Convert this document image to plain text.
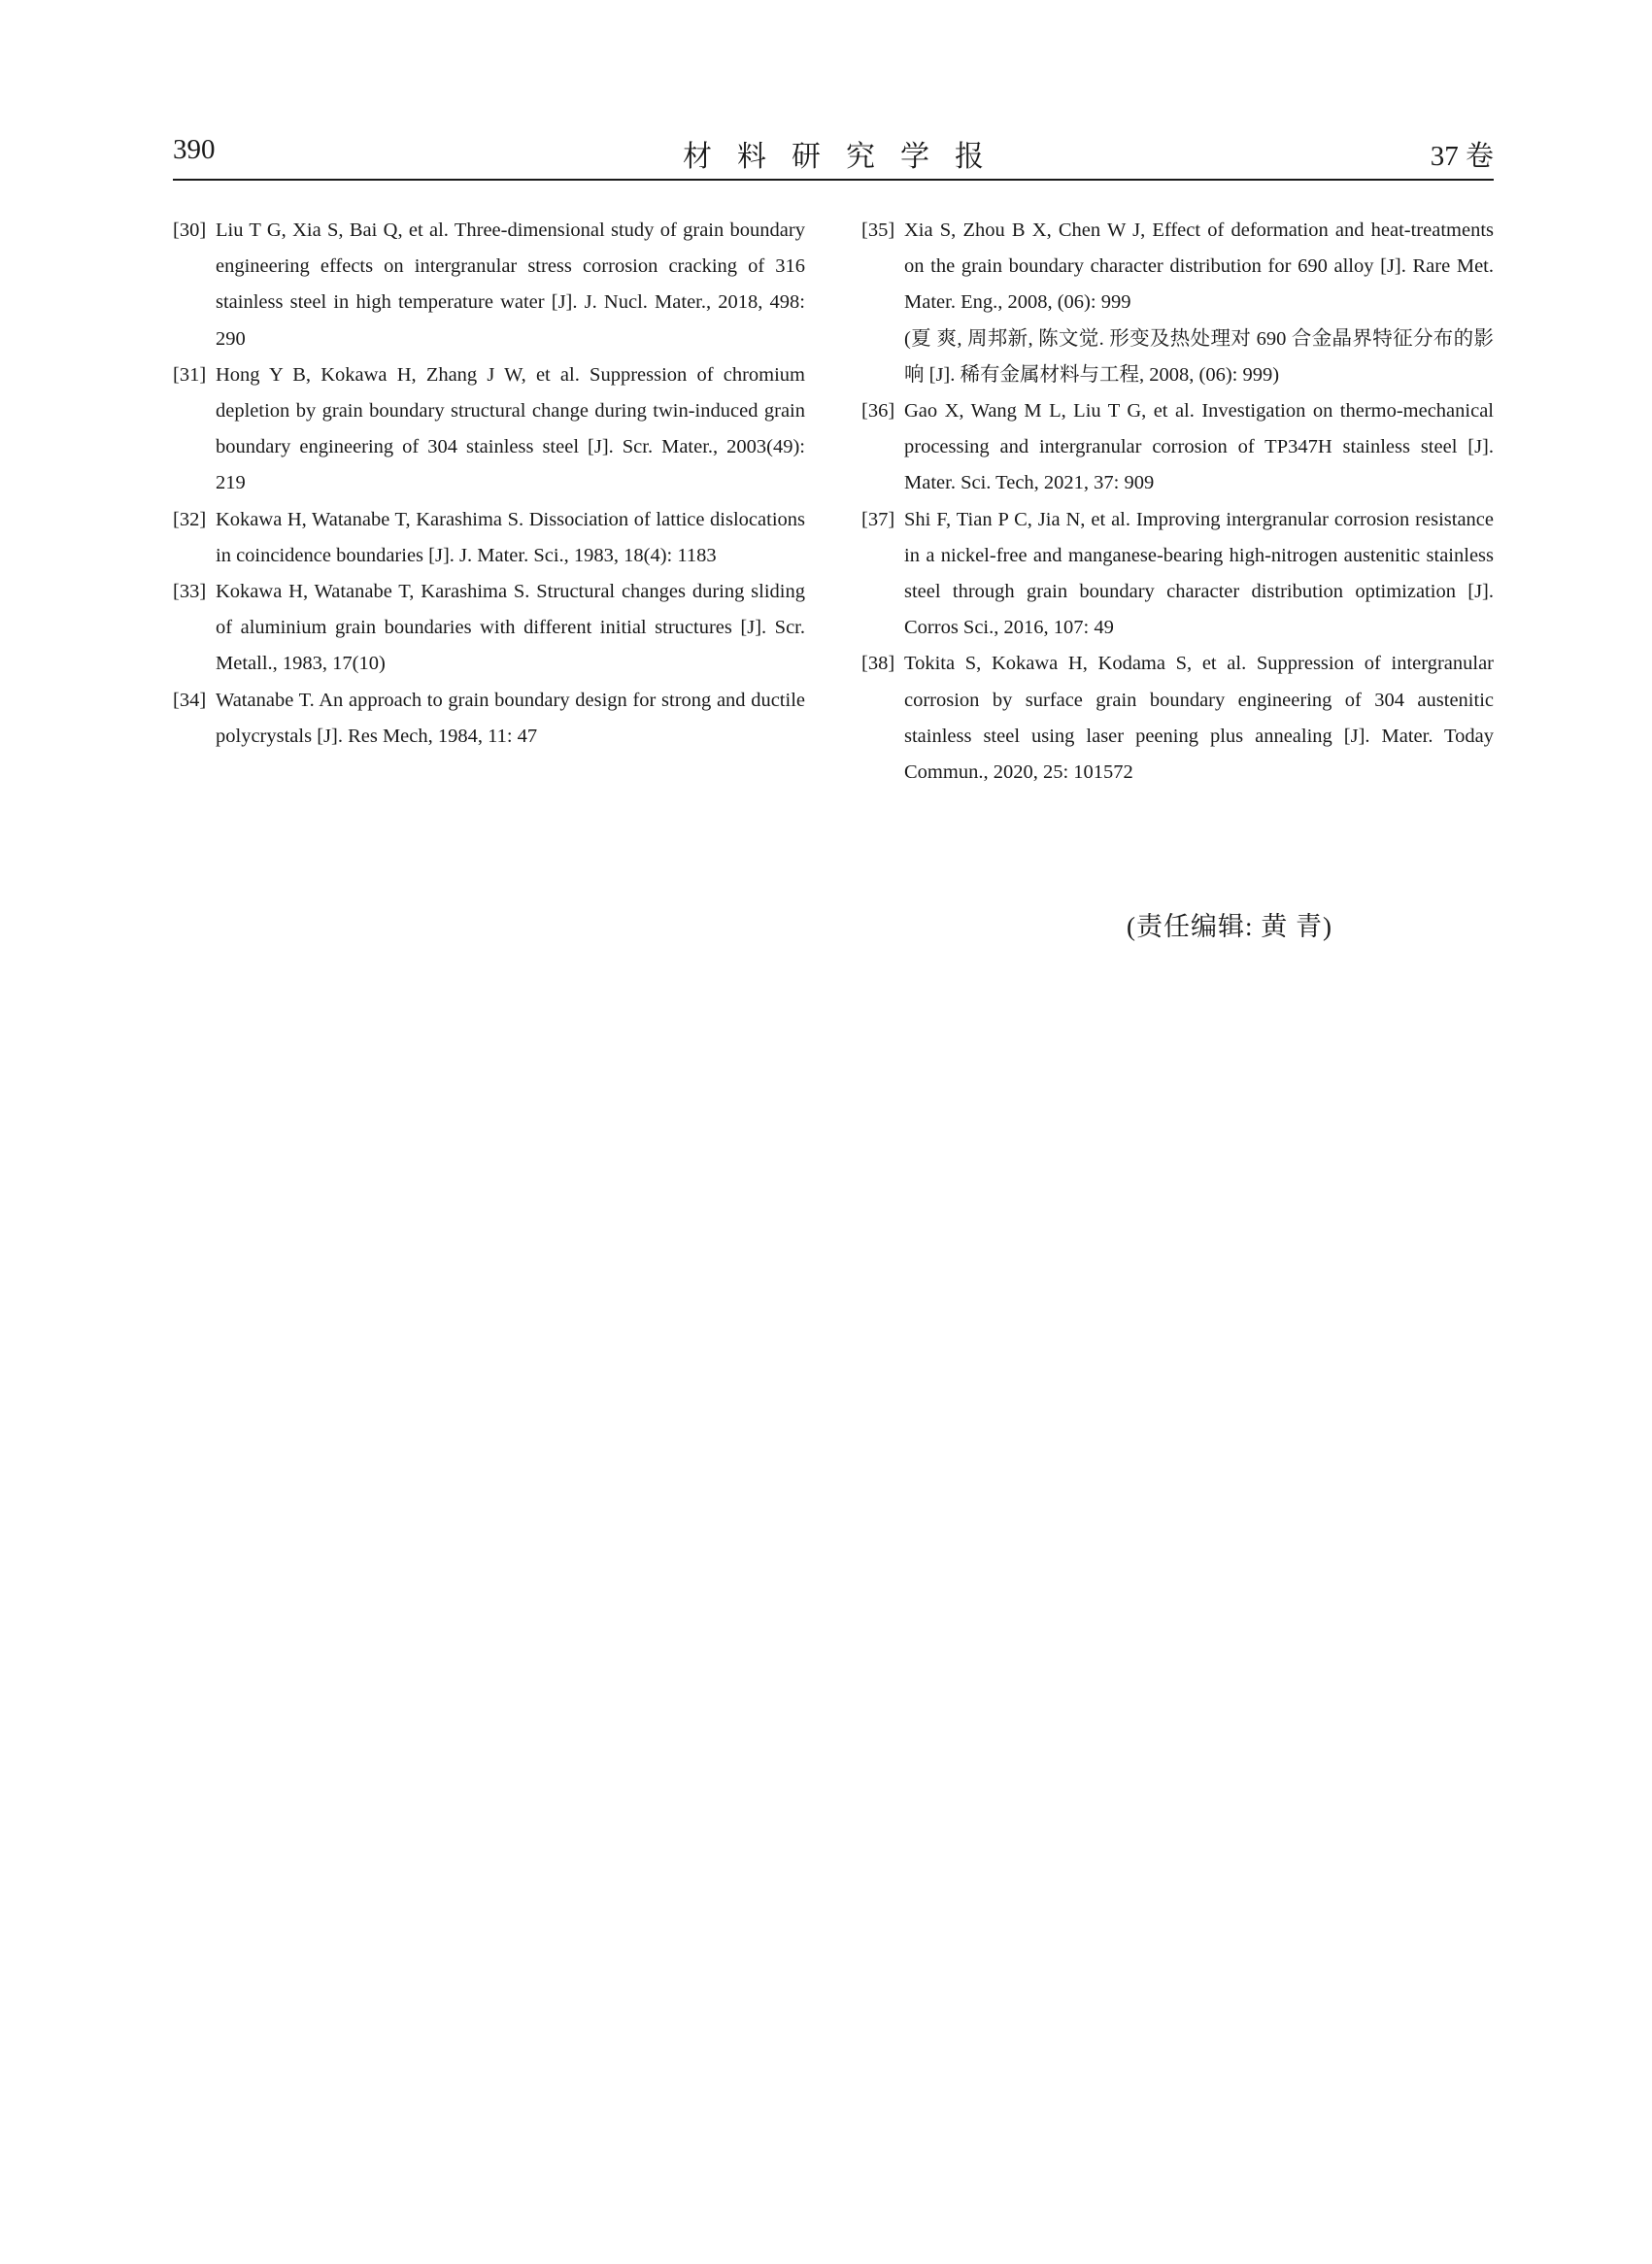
390	材料研究学报	37 卷
[30] Liu T G, Xia S, Bai Q, et al. Three-dimensional study of grain boundary engineering effects on intergranular stress corrosion cracking of 316 stainless steel in high temperature water [J]. J. Nucl. Mater., 2018, 498: 290
[31] Hong Y B, Kokawa H, Zhang J W, et al. Suppression of chromium depletion by grain boundary structural change during twin-induced grain boundary engineering of 304 stainless steel [J]. Scr. Mater., 2003(49): 219
[32] Kokawa H, Watanabe T, Karashima S. Dissociation of lattice dislocations in coincidence boundaries [J]. J. Mater. Sci., 1983, 18(4): 1183
[33] Kokawa H, Watanabe T, Karashima S. Structural changes during sliding of aluminium grain boundaries with different initial structures [J]. Scr. Metall., 1983, 17(10)
[34] Watanabe T. An approach to grain boundary design for strong and ductile polycrystals [J]. Res Mech, 1984, 11: 47
[35] Xia S, Zhou B X, Chen W J, Effect of deformation and heat-treatments on the grain boundary character distribution for 690 alloy [J]. Rare Met. Mater. Eng., 2008, (06): 999
(夏 爽, 周邦新, 陈文觉. 形变及热处理对 690 合金晶界特征分布的影响 [J]. 稀有金属材料与工程, 2008, (06): 999)
[36] Gao X, Wang M L, Liu T G, et al. Investigation on thermo-mechanical processing and intergranular corrosion of TP347H stainless steel [J]. Mater. Sci. Tech, 2021, 37: 909
[37] Shi F, Tian P C, Jia N, et al. Improving intergranular corrosion resistance in a nickel-free and manganese-bearing high-nitrogen austenitic stainless steel through grain boundary character distribution optimization [J]. Corros Sci., 2016, 107: 49
[38] Tokita S, Kokawa H, Kodama S, et al. Suppression of intergranular corrosion by surface grain boundary engineering of 304 austenitic stainless steel using laser peening plus annealing [J]. Mater. Today Commun., 2020, 25: 101572
(责任编辑: 黄 青)
